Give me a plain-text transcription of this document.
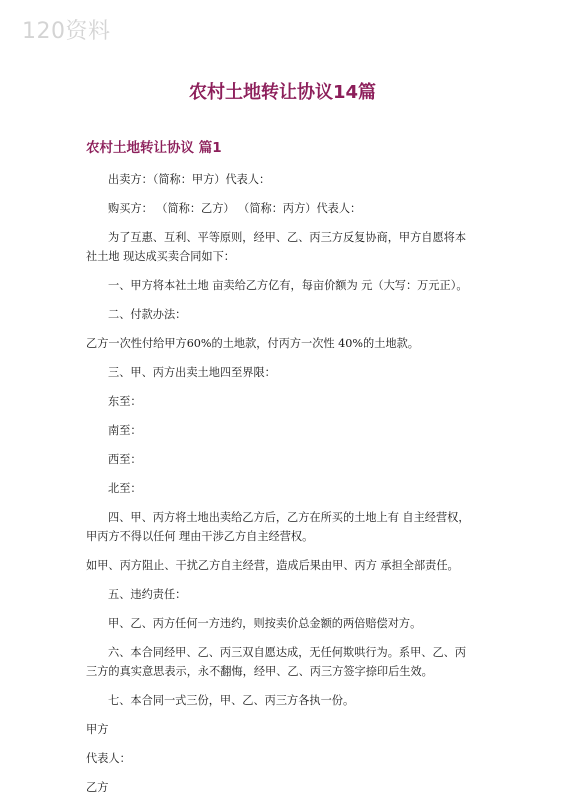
120资料
农村土地转让协议14篇
农村土地转让协议 篇1
出卖方：（简称：甲方）代表人：
购买方： （简称：乙方） （简称：丙方）代表人：
为了互惠、互利、平等原则，经甲、乙、丙三方反复协商，甲方自愿将本
社土地 现达成买卖合同如下：
一、甲方将本社土地 亩卖给乙方亿有，每亩价额为 元（大写：万元正）。
二、付款办法：
乙方一次性付给甲方60%的土地款，付丙方一次性 40%的土地款。
三、甲、丙方出卖土地四至界限：
东至：
南至：
西至：
北至：
四、甲、丙方将土地出卖给乙方后，乙方在所买的土地上有 自主经营权，
甲丙方不得以任何 理由干涉乙方自主经营权。
如甲、丙方阻止、干扰乙方自主经营，造成后果由甲、丙方 承担全部责任。
五、违约责任：
甲、乙、丙方任何一方违约，则按卖价总金额的两倍赔偿对方。
六、本合同经甲、乙、丙三双自愿达成，无任何欺哄行为。系甲、乙、丙
三方的真实意思表示，永不翻悔，经甲、乙、丙三方签字捺印后生效。
七、本合同一式三份，甲、乙、丙三方各执一份。
甲方
代表人：
乙方
